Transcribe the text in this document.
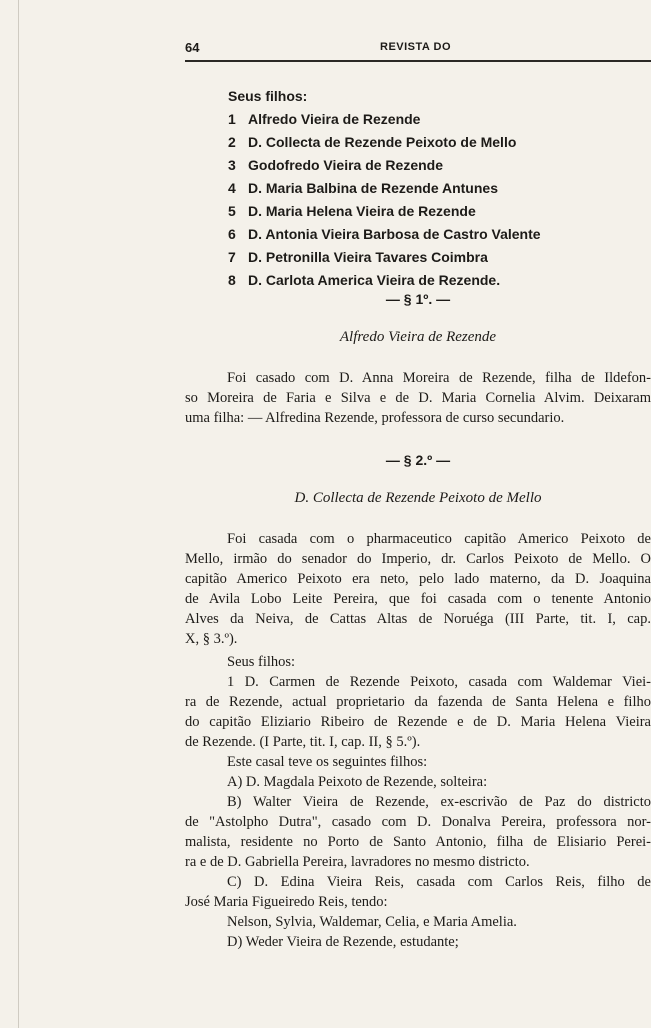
64	REVISTA DO
Seus filhos:
1 Alfredo Vieira de Rezende
2 D. Collecta de Rezende Peixoto de Mello
3 Godofredo Vieira de Rezende
4 D. Maria Balbina de Rezende Antunes
5 D. Maria Helena Vieira de Rezende
6 D. Antonia Vieira Barbosa de Castro Valente
7 D. Petronilla Vieira Tavares Coimbra
8 D. Carlota America Vieira de Rezende.
— § 1º. —
Alfredo Vieira de Rezende
Foi casado com D. Anna Moreira de Rezende, filha de Ildefon-
so Moreira de Faria e Silva e de D. Maria Cornelia Alvim. Deixaram
uma filha: — Alfredina Rezende, professora de curso secundario.
— § 2.º —
D. Collecta de Rezende Peixoto de Mello
Foi casada com o pharmaceutico capitão Americo Peixoto de
Mello, irmão do senador do Imperio, dr. Carlos Peixoto de Mello. O
capitão Americo Peixoto era neto, pelo lado materno, da D. Joaquina
de Avila Lobo Leite Pereira, que foi casada com o tenente Antonio
Alves da Neiva, de Cattas Altas de Noruéga (III Parte, tit. I, cap.
X, § 3.º).
Seus filhos:
1 D. Carmen de Rezende Peixoto, casada com Waldemar Viei-
ra de Rezende, actual proprietario da fazenda de Santa Helena e filho
do capitão Eliziario Ribeiro de Rezende e de D. Maria Helena Vieira
de Rezende. (I Parte, tit. I, cap. II, § 5.º).
Este casal teve os seguintes filhos:
A) D. Magdala Peixoto de Rezende, solteira:
B) Walter Vieira de Rezende, ex-escrivão de Paz do districto
de "Astolpho Dutra", casado com D. Donalva Pereira, professora nor-
malista, residente no Porto de Santo Antonio, filha de Elisiario Perei-
ra e de D. Gabriella Pereira, lavradores no mesmo districto.
C) D. Edina Vieira Reis, casada com Carlos Reis, filho de
José Maria Figueiredo Reis, tendo:
Nelson, Sylvia, Waldemar, Celia, e Maria Amelia.
D) Weder Vieira de Rezende, estudante;
